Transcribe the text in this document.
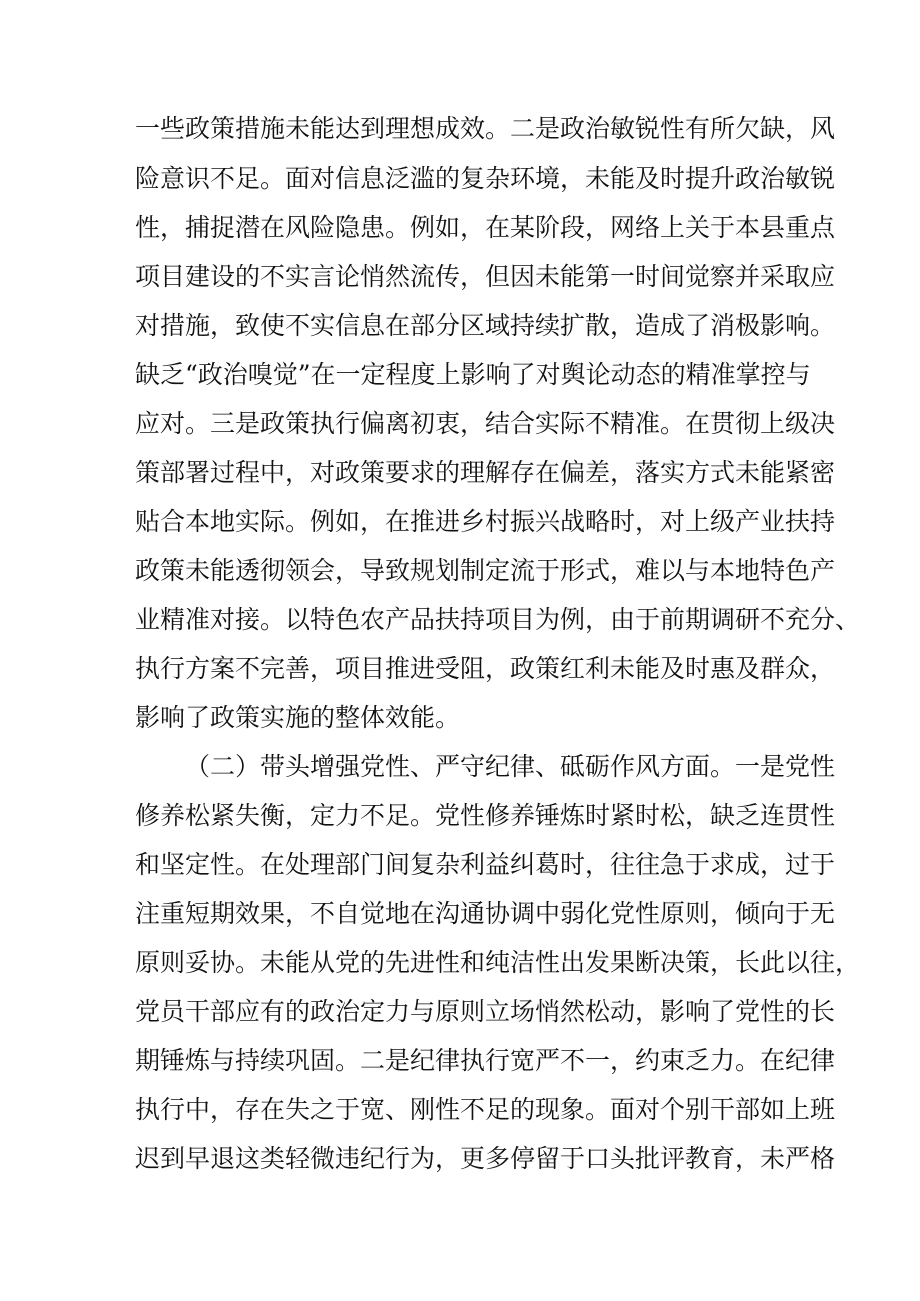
一些政策措施未能达到理想成效。二是政治敏锐性有所欠缺，风
险意识不足。面对信息泛滥的复杂环境，未能及时提升政治敏锐
性，捕捉潜在风险隐患。例如，在某阶段，网络上关于本县重点
项目建设的不实言论悄然流传，但因未能第一时间觉察并采取应
对措施，致使不实信息在部分区域持续扩散，造成了消极影响。
缺乏“政治嗅觉”在一定程度上影响了对舆论动态的精准掌控与
应对。三是政策执行偏离初衷，结合实际不精准。在贯彻上级决
策部署过程中，对政策要求的理解存在偏差，落实方式未能紧密
贴合本地实际。例如，在推进乡村振兴战略时，对上级产业扶持
政策未能透彻领会，导致规划制定流于形式，难以与本地特色产
业精准对接。以特色农产品扶持项目为例，由于前期调研不充分、
执行方案不完善，项目推进受阻，政策红利未能及时惠及群众，
影响了政策实施的整体效能。
（二）带头增强党性、严守纪律、砥砺作风方面。一是党性
修养松紧失衡，定力不足。党性修养锤炼时紧时松，缺乏连贯性
和坚定性。在处理部门间复杂利益纠葛时，往往急于求成，过于
注重短期效果，不自觉地在沟通协调中弱化党性原则，倾向于无
原则妥协。未能从党的先进性和纯洁性出发果断决策，长此以往，
党员干部应有的政治定力与原则立场悄然松动，影响了党性的长
期锤炼与持续巩固。二是纪律执行宽严不一，约束乏力。在纪律
执行中，存在失之于宽、刚性不足的现象。面对个别干部如上班
迟到早退这类轻微违纪行为，更多停留于口头批评教育，未严格
